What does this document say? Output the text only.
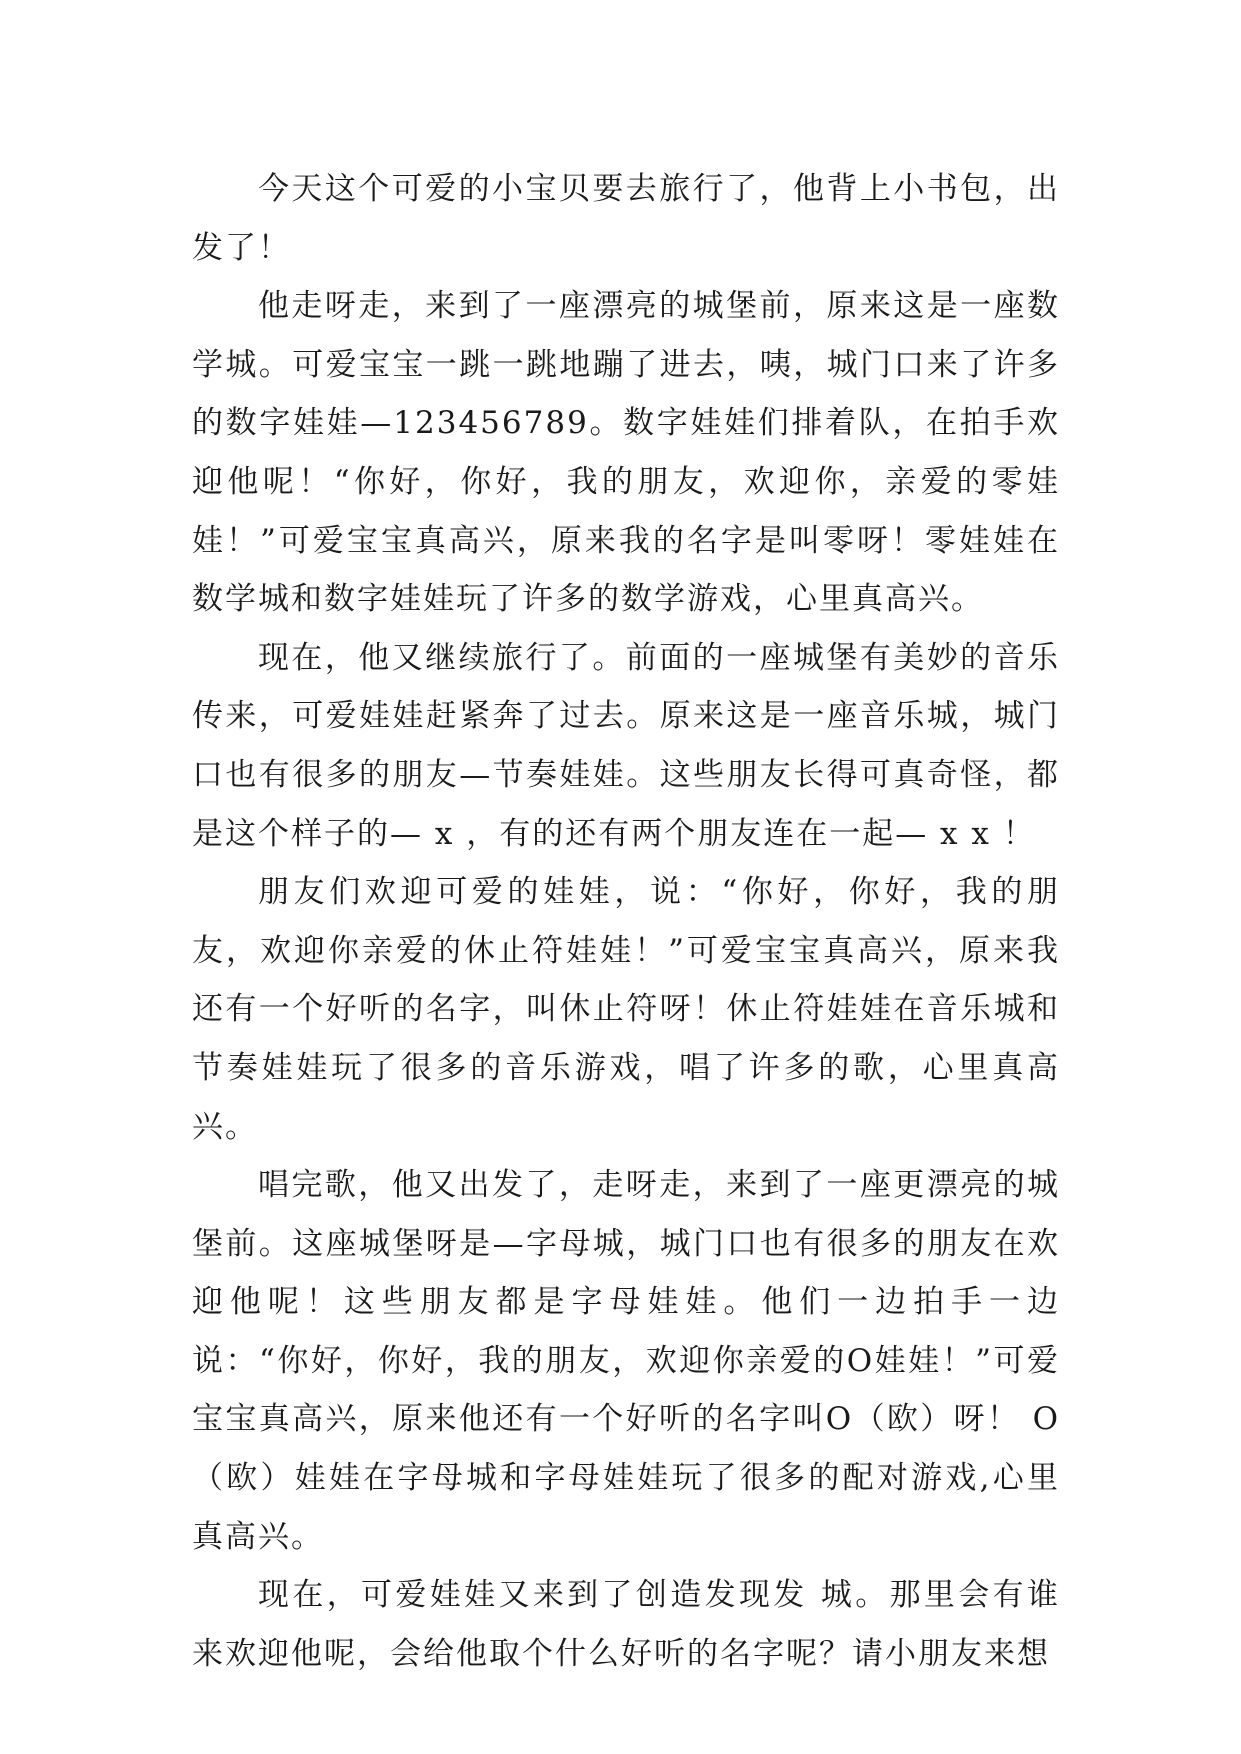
今天这个可爱的小宝贝要去旅行了，他背上小书包，出发了！

他走呀走，来到了一座漂亮的城堡前，原来这是一座数学城。可爱宝宝一跳一跳地蹦了进去，咦，城门口来了许多的数字娃娃—123456789。数字娃娃们排着队，在拍手欢迎他呢！“你好，你好，我的朋友，欢迎你，亲爱的零娃娃！”可爱宝宝真高兴，原来我的名字是叫零呀！零娃娃在数学城和数字娃娃玩了许多的数学游戏，心里真高兴。

现在，他又继续旅行了。前面的一座城堡有美妙的音乐传来，可爱娃娃赶紧奔了过去。原来这是一座音乐城，城门口也有很多的朋友—节奏娃娃。这些朋友长得可真奇怪，都是这个样子的— x ，有的还有两个朋友连在一起— x x ！

朋友们欢迎可爱的娃娃，说：“你好，你好，我的朋友，欢迎你亲爱的休止符娃娃！”可爱宝宝真高兴，原来我还有一个好听的名字，叫休止符呀！休止符娃娃在音乐城和节奏娃娃玩了很多的音乐游戏，唱了许多的歌，心里真高兴。

唱完歌，他又出发了，走呀走，来到了一座更漂亮的城堡前。这座城堡呀是—字母城，城门口也有很多的朋友在欢迎他呢！这些朋友都是字母娃娃。他们一边拍手一边说：“你好，你好，我的朋友，欢迎你亲爱的O娃娃！”可爱宝宝真高兴，原来他还有一个好听的名字叫O（欧）呀！ O（欧）娃娃在字母城和字母娃娃玩了很多的配对游戏,心里真高兴。

现在，可爱娃娃又来到了创造发现发 城。那里会有谁来欢迎他呢，会给他取个什么好听的名字呢？请小朋友来想
